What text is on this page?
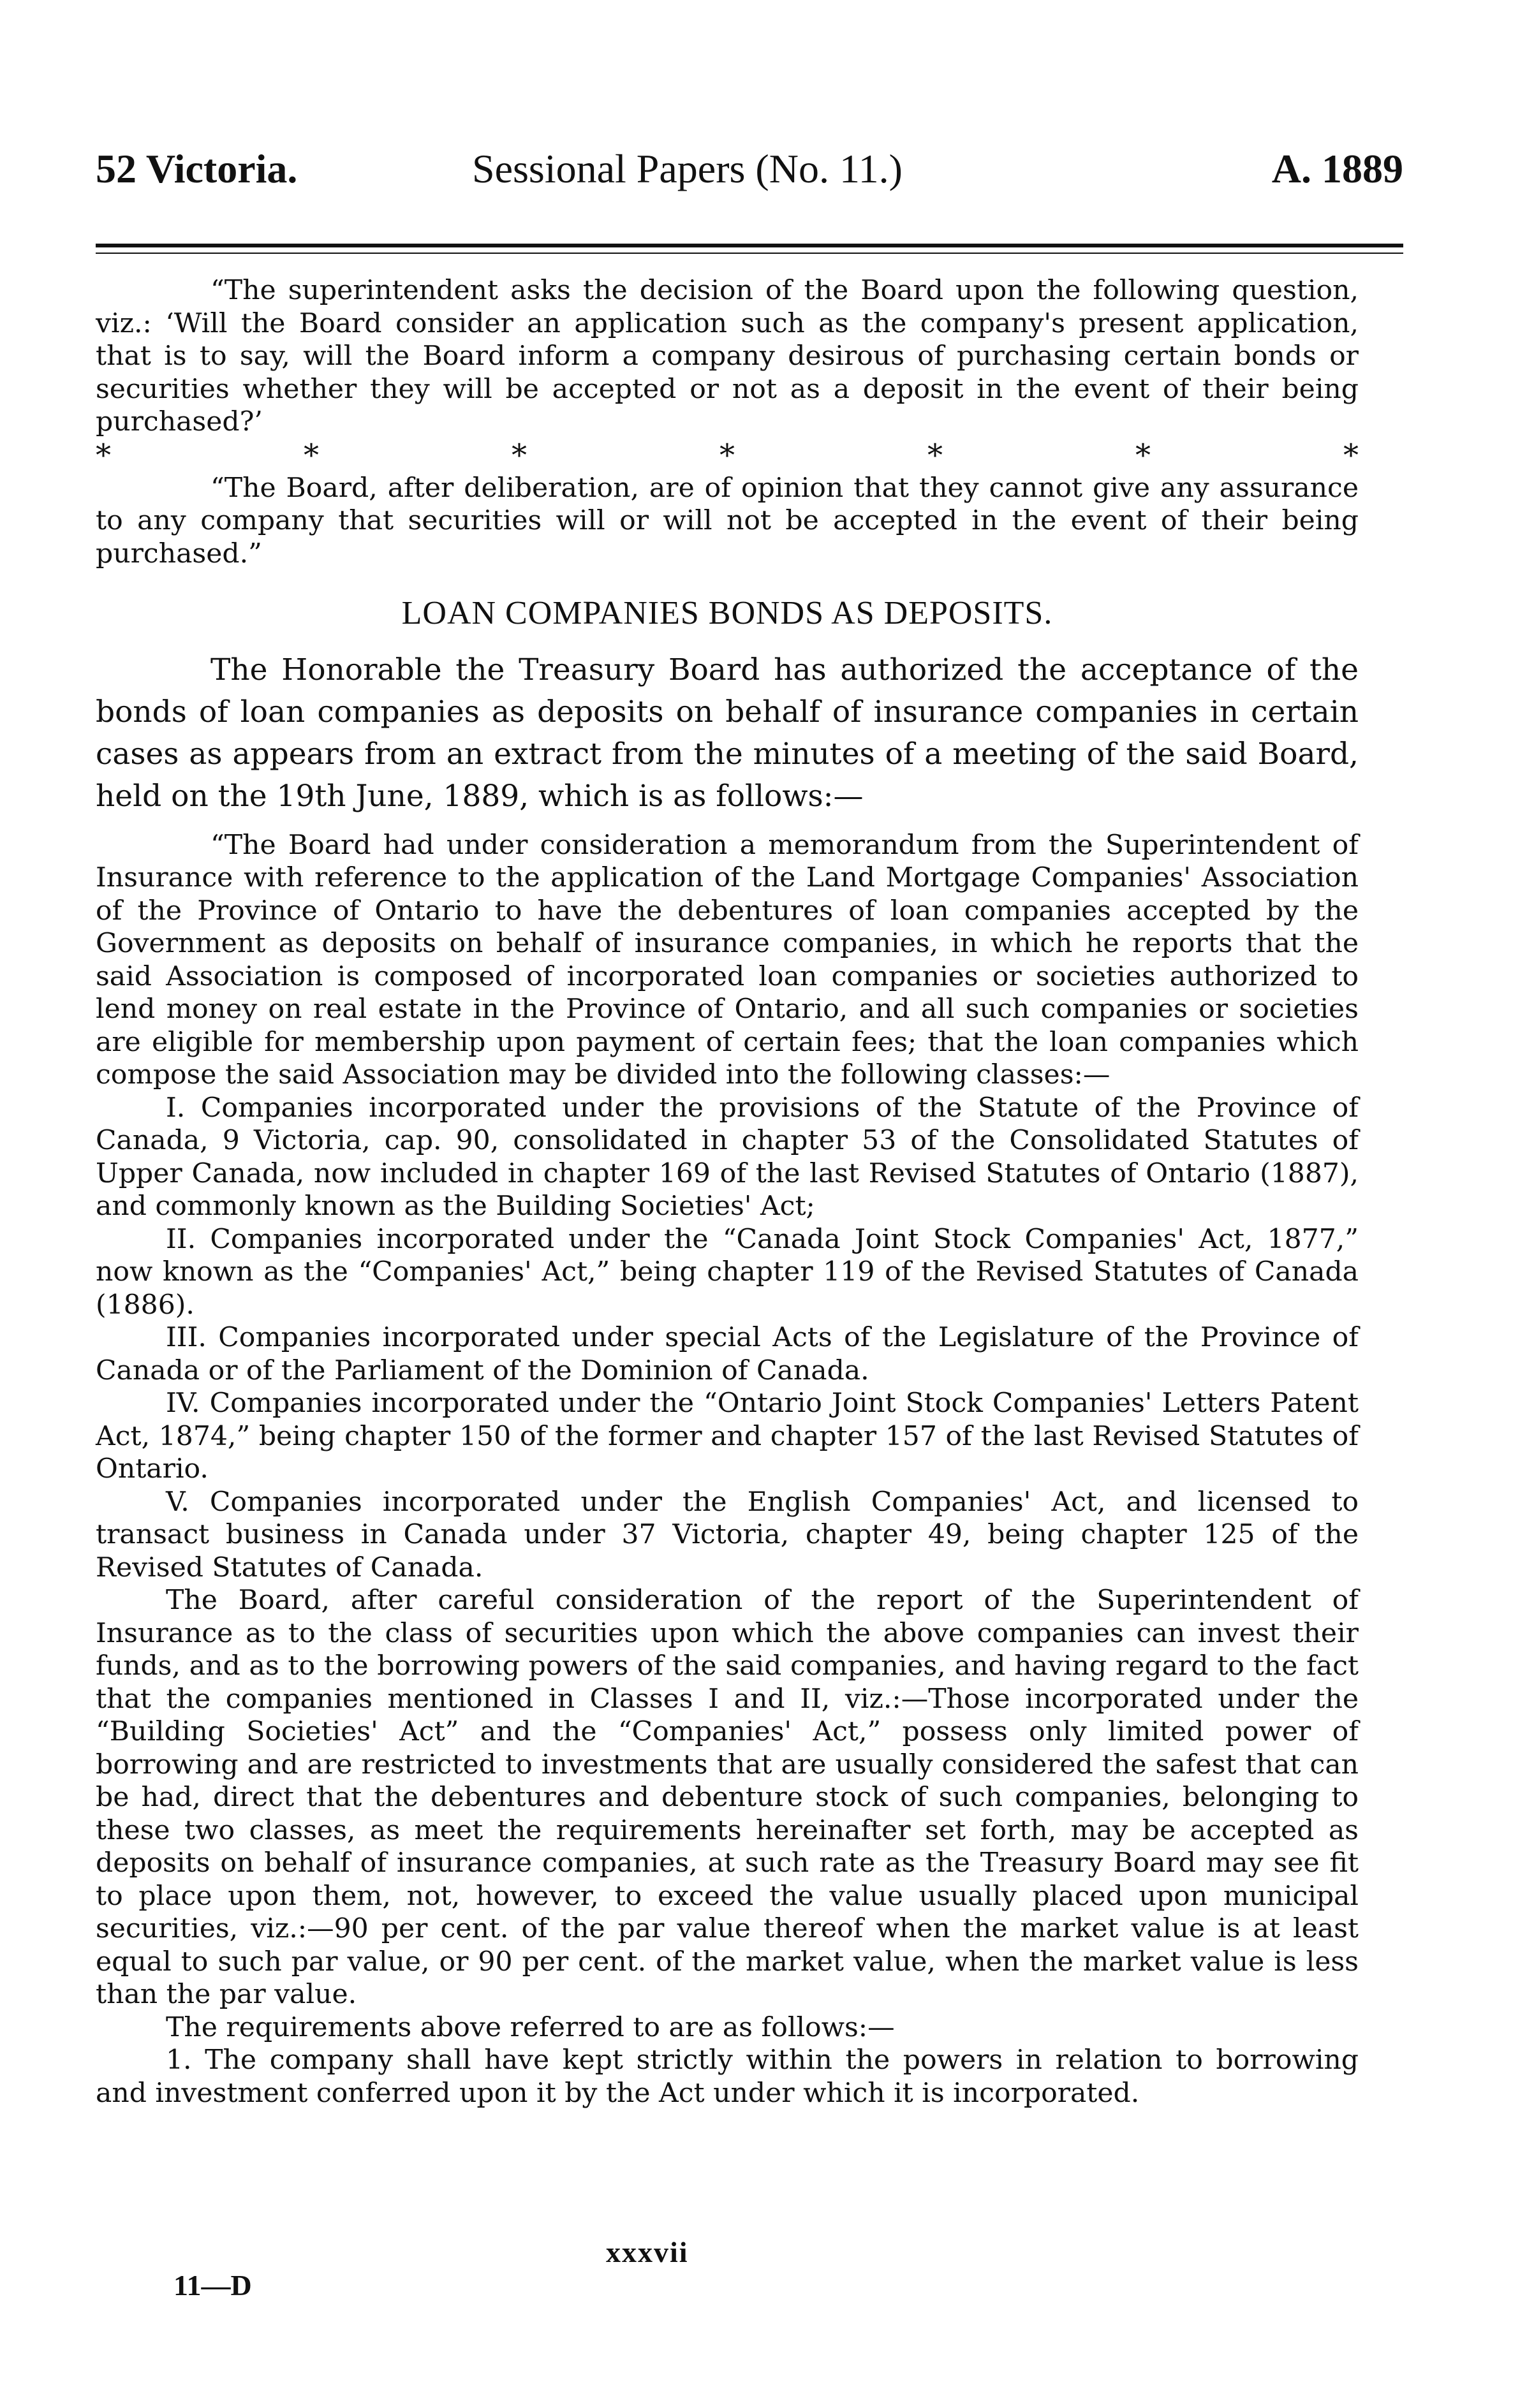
52 Victoria.	Sessional Papers (No. 11.)	A. 1889

“The superintendent asks the decision of the Board upon the following question, viz.: ‘Will the Board consider an application such as the company's present application, that is to say, will the Board inform a company desirous of purchasing certain bonds or securities whether they will be accepted or not as a deposit in the event of their being purchased?’

*	*	*	*	*	*	*

“The Board, after deliberation, are of opinion that they cannot give any assurance to any company that securities will or will not be accepted in the event of their being purchased.”

LOAN COMPANIES BONDS AS DEPOSITS.

The Honorable the Treasury Board has authorized the acceptance of the bonds of loan companies as deposits on behalf of insurance companies in certain cases as appears from an extract from the minutes of a meeting of the said Board, held on the 19th June, 1889, which is as follows:—

“The Board had under consideration a memorandum from the Superintendent of Insurance with reference to the application of the Land Mortgage Companies' Association of the Province of Ontario to have the debentures of loan companies accepted by the Government as deposits on behalf of insurance companies, in which he reports that the said Association is composed of incorporated loan companies or societies authorized to lend money on real estate in the Province of Ontario, and all such companies or societies are eligible for membership upon payment of certain fees; that the loan companies which compose the said Association may be divided into the following classes:—

I. Companies incorporated under the provisions of the Statute of the Province of Canada, 9 Victoria, cap. 90, consolidated in chapter 53 of the Consolidated Statutes of Upper Canada, now included in chapter 169 of the last Revised Statutes of Ontario (1887), and commonly known as the Building Societies' Act;

II. Companies incorporated under the “Canada Joint Stock Companies' Act, 1877,” now known as the “Companies' Act,” being chapter 119 of the Revised Statutes of Canada (1886).

III. Companies incorporated under special Acts of the Legislature of the Province of Canada or of the Parliament of the Dominion of Canada.

IV. Companies incorporated under the “Ontario Joint Stock Companies' Letters Patent Act, 1874,” being chapter 150 of the former and chapter 157 of the last Revised Statutes of Ontario.

V. Companies incorporated under the English Companies' Act, and licensed to transact business in Canada under 37 Victoria, chapter 49, being chapter 125 of the Revised Statutes of Canada.

The Board, after careful consideration of the report of the Superintendent of Insurance as to the class of securities upon which the above companies can invest their funds, and as to the borrowing powers of the said companies, and having regard to the fact that the companies mentioned in Classes I and II, viz.:—Those incorporated under the “Building Societies' Act” and the “Companies' Act,” possess only limited power of borrowing and are restricted to investments that are usually considered the safest that can be had, direct that the debentures and debenture stock of such companies, belonging to these two classes, as meet the requirements hereinafter set forth, may be accepted as deposits on behalf of insurance companies, at such rate as the Treasury Board may see fit to place upon them, not, however, to exceed the value usually placed upon municipal securities, viz.:—90 per cent. of the par value thereof when the market value is at least equal to such par value, or 90 per cent. of the market value, when the market value is less than the par value.

The requirements above referred to are as follows:—

1. The company shall have kept strictly within the powers in relation to borrowing and investment conferred upon it by the Act under which it is incorporated.

xxxvii
11—D
